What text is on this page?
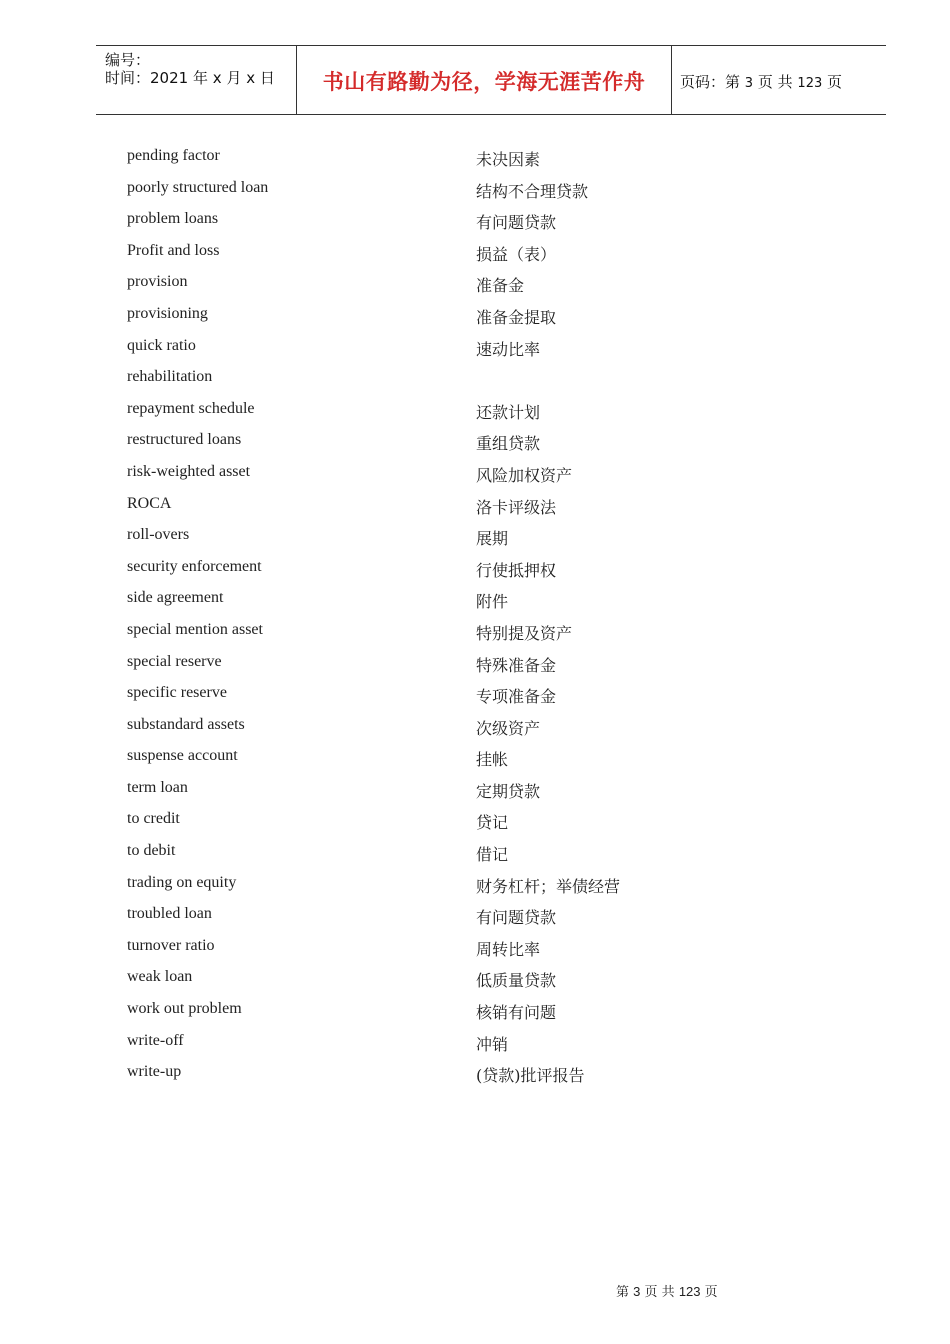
编号：
时间：2021 年 x 月 x 日	书山有路勤为径，学海无涯苦作舟	页码：第 3 页 共 123 页
pending factor	未决因素
poorly structured loan	结构不合理贷款
problem loans	有问题贷款
Profit and loss	损益（表）
provision	准备金
provisioning	准备金提取
quick ratio	速动比率
rehabilitation
repayment schedule	还款计划
restructured loans	重组贷款
risk-weighted asset	风险加权资产
ROCA	洛卡评级法
roll-overs	展期
security enforcement	行使抵押权
side agreement	附件
special mention asset	特别提及资产
special reserve	特殊准备金
specific reserve	专项准备金
substandard assets	次级资产
suspense account	挂帐
term loan	定期贷款
to credit	贷记
to debit	借记
trading on equity	财务杠杆；举债经营
troubled loan	有问题贷款
turnover ratio	周转比率
weak loan	低质量贷款
work out problem	核销有问题
write-off	冲销
write-up	(贷款)批评报告
第 3 页 共 123 页
